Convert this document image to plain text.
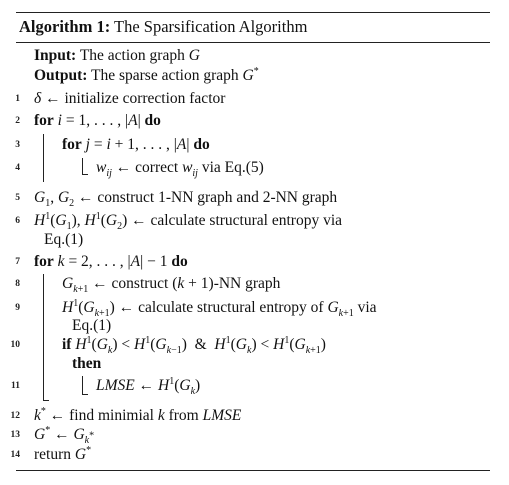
Algorithm 1: The Sparsification Algorithm
Input: The action graph G
Output: The sparse action graph G*
1 δ ← initialize correction factor
2 for i = 1, . . . , |A| do
3	for j = i + 1, . . . , |A| do
4	$w_{ij}$ ← correct $w_{ij}$ via Eq.(5)
5 $G_1$, $G_2$ ← construct 1-NN graph and 2-NN graph
6 $H^1(G_1)$, $H^1(G_2)$ ← calculate structural entropy via
Eq.(1)
7 for k = 2, . . . , |A| − 1 do
8	$G_{k+1}$ ← construct (k + 1)-NN graph
9	$H^1(G_{k+1})$ ← calculate structural entropy of $G_{k+1}$ via
Eq.(1)
10	if $H^1(G_k) < H^1(G_{k-1})$  &  $H^1(G_k) < H^1(G_{k+1})$
then
11	LMSE ← $H^1(G_k)$
12 k* ← find minimial k from LMSE
13 G* ← $G_{k^*}$
14 return G*
